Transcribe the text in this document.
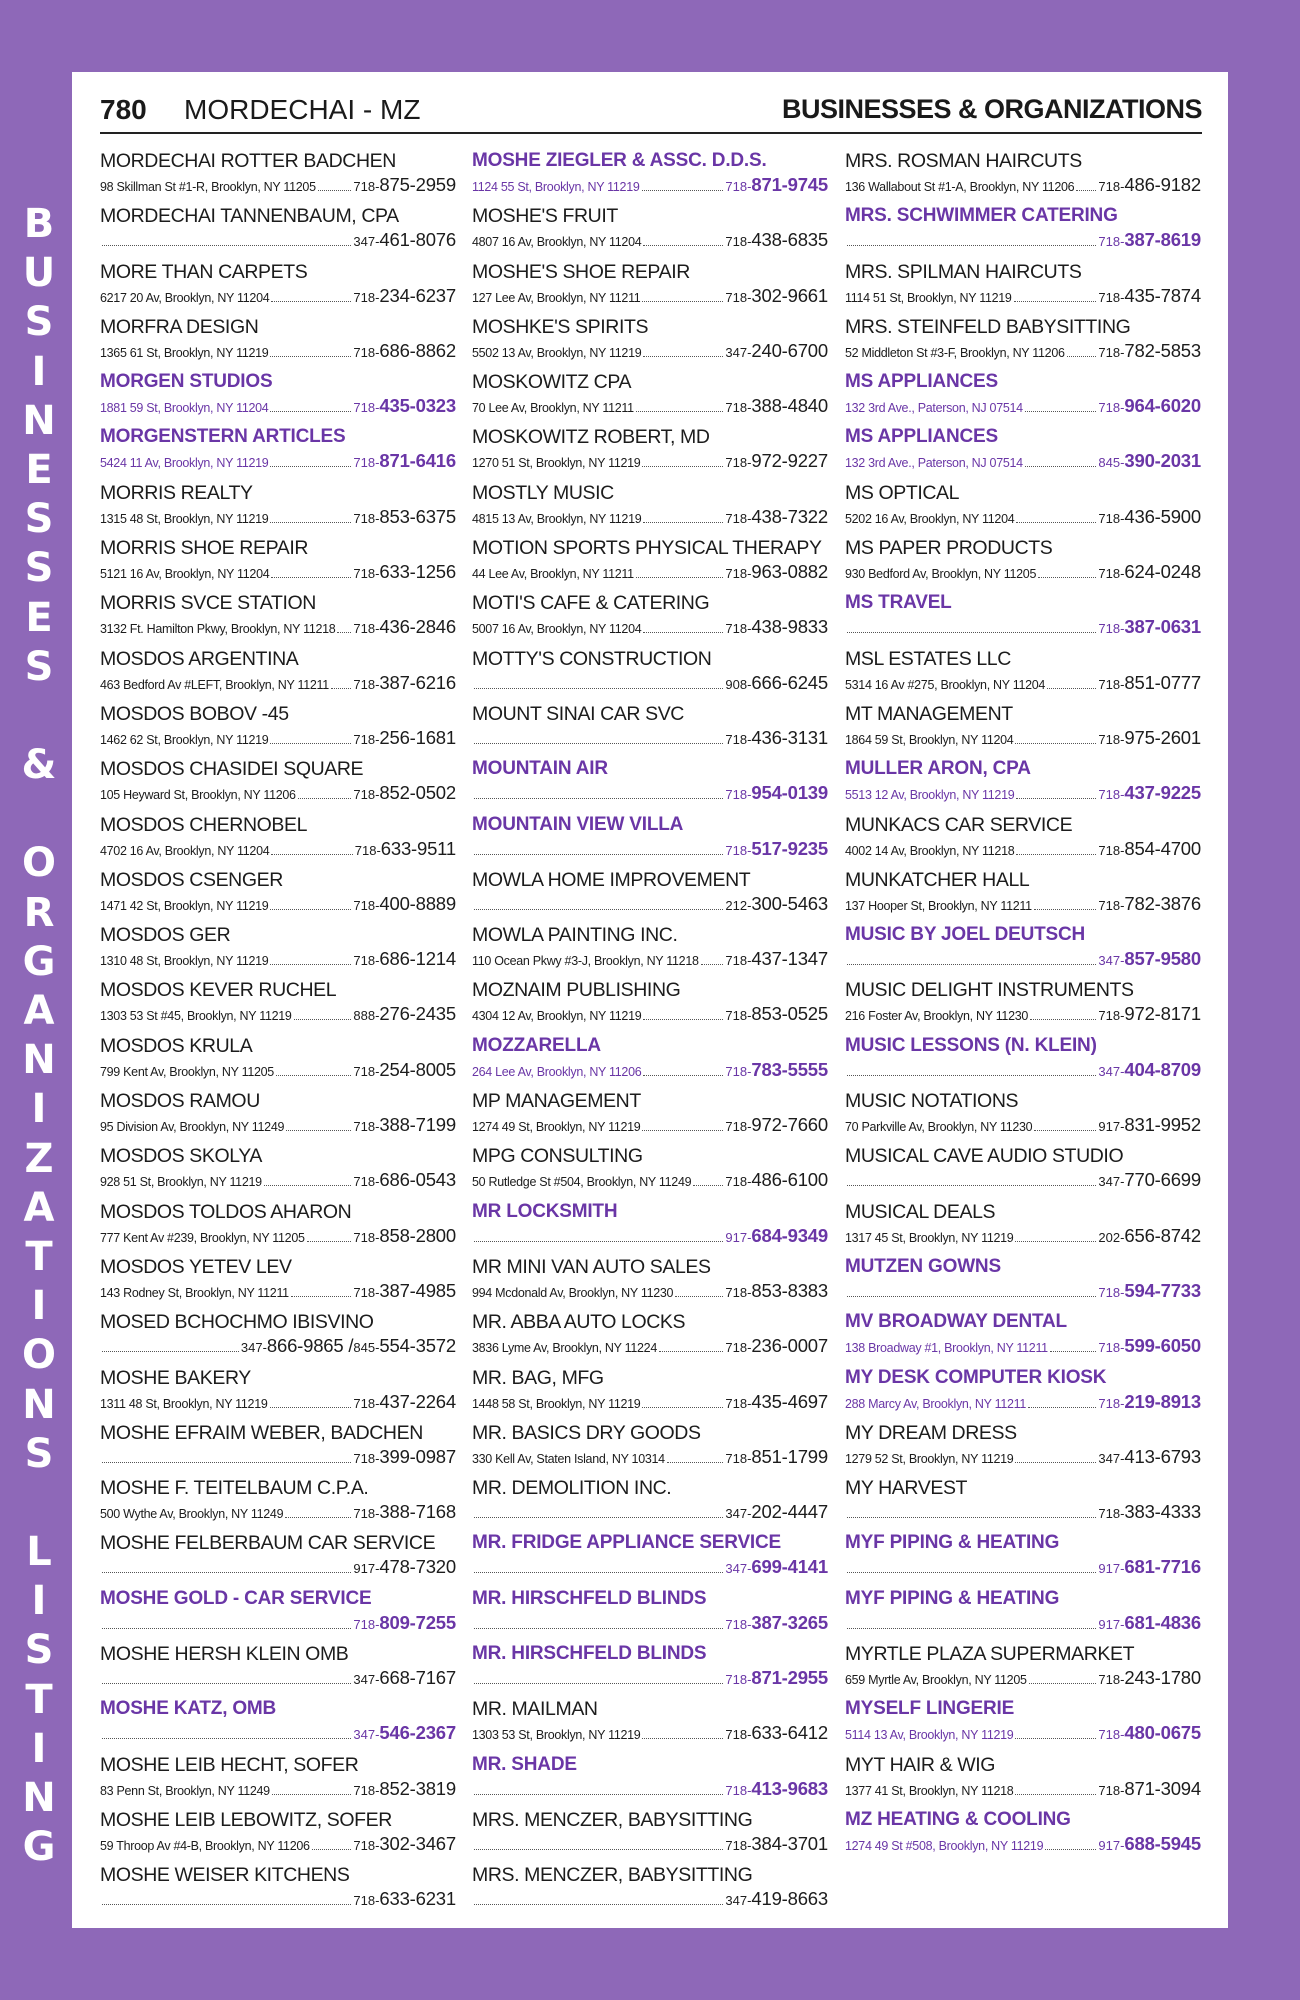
B
U
S
I
N
E
S
S
E
S
&
O
R
G
A
N
I
Z
A
T
I
O
N
S
L
I
S
T
I
N
G
780 MORDECHAI - MZ	BUSINESSES & ORGANIZATIONS
MORDECHAI ROTTER BADCHEN
98 Skillman St #1-R, Brooklyn, NY 11205	718-875-2959
MORDECHAI TANNENBAUM, CPA
347-461-8076
MORE THAN CARPETS
6217 20 Av, Brooklyn, NY 11204	718-234-6237
MORFRA DESIGN
1365 61 St, Brooklyn, NY 11219	718-686-8862
MORGEN STUDIOS
1881 59 St, Brooklyn, NY 11204	718-435-0323
MORGENSTERN ARTICLES
5424 11 Av, Brooklyn, NY 11219	718-871-6416
MORRIS REALTY
1315 48 St, Brooklyn, NY 11219	718-853-6375
MORRIS SHOE REPAIR
5121 16 Av, Brooklyn, NY 11204	718-633-1256
MORRIS SVCE STATION
3132 Ft. Hamilton Pkwy, Brooklyn, NY 11218 718-436-2846
MOSDOS ARGENTINA
463 Bedford Av #LEFT, Brooklyn, NY 11211 718-387-6216
MOSDOS BOBOV -45
1462 62 St, Brooklyn, NY 11219	718-256-1681
MOSDOS CHASIDEI SQUARE
105 Heyward St, Brooklyn, NY 11206	718-852-0502
MOSDOS CHERNOBEL
4702 16 Av, Brooklyn, NY 11204	718-633-9511
MOSDOS CSENGER
1471 42 St, Brooklyn, NY 11219	718-400-8889
MOSDOS GER
1310 48 St, Brooklyn, NY 11219	718-686-1214
MOSDOS KEVER RUCHEL
1303 53 St #45, Brooklyn, NY 11219	888-276-2435
MOSDOS KRULA
799 Kent Av, Brooklyn, NY 11205	718-254-8005
MOSDOS RAMOU
95 Division Av, Brooklyn, NY 11249	718-388-7199
MOSDOS SKOLYA
928 51 St, Brooklyn, NY 11219	718-686-0543
MOSDOS TOLDOS AHARON
777 Kent Av #239, Brooklyn, NY 11205	718-858-2800
MOSDOS YETEV LEV
143 Rodney St, Brooklyn, NY 11211	718-387-4985
MOSED BCHOCHMO IBISVINO
347-866-9865 / 845-554-3572
MOSHE BAKERY
1311 48 St, Brooklyn, NY 11219	718-437-2264
MOSHE EFRAIM WEBER, BADCHEN
718-399-0987
MOSHE F. TEITELBAUM C.P.A.
500 Wythe Av, Brooklyn, NY 11249	718-388-7168
MOSHE FELBERBAUM CAR SERVICE
917-478-7320
MOSHE GOLD - CAR SERVICE
718-809-7255
MOSHE HERSH KLEIN OMB
347-668-7167
MOSHE KATZ, OMB
347-546-2367
MOSHE LEIB HECHT, SOFER
83 Penn St, Brooklyn, NY 11249	718-852-3819
MOSHE LEIB LEBOWITZ, SOFER
59 Throop Av #4-B, Brooklyn, NY 11206	718-302-3467
MOSHE WEISER KITCHENS
718-633-6231
MOSHE ZIEGLER & ASSC. D.D.S.
1124 55 St, Brooklyn, NY 11219	718-871-9745
MOSHE'S FRUIT
4807 16 Av, Brooklyn, NY 11204	718-438-6835
MOSHE'S SHOE REPAIR
127 Lee Av, Brooklyn, NY 11211	718-302-9661
MOSHKE'S SPIRITS
5502 13 Av, Brooklyn, NY 11219	347-240-6700
MOSKOWITZ CPA
70 Lee Av, Brooklyn, NY 11211	718-388-4840
MOSKOWITZ ROBERT, MD
1270 51 St, Brooklyn, NY 11219	718-972-9227
MOSTLY MUSIC
4815 13 Av, Brooklyn, NY 11219	718-438-7322
MOTION SPORTS PHYSICAL THERAPY
44 Lee Av, Brooklyn, NY 11211	718-963-0882
MOTI'S CAFE & CATERING
5007 16 Av, Brooklyn, NY 11204	718-438-9833
MOTTY'S CONSTRUCTION
908-666-6245
MOUNT SINAI CAR SVC
718-436-3131
MOUNTAIN AIR
718-954-0139
MOUNTAIN VIEW VILLA
718-517-9235
MOWLA HOME IMPROVEMENT
212-300-5463
MOWLA PAINTING INC.
110 Ocean Pkwy #3-J, Brooklyn, NY 11218 718-437-1347
MOZNAIM PUBLISHING
4304 12 Av, Brooklyn, NY 11219	718-853-0525
MOZZARELLA
264 Lee Av, Brooklyn, NY 11206	718-783-5555
MP MANAGEMENT
1274 49 St, Brooklyn, NY 11219	718-972-7660
MPG CONSULTING
50 Rutledge St #504, Brooklyn, NY 11249	718-486-6100
MR LOCKSMITH
917-684-9349
MR MINI VAN AUTO SALES
994 Mcdonald Av, Brooklyn, NY 11230	718-853-8383
MR. ABBA AUTO LOCKS
3836 Lyme Av, Brooklyn, NY 11224	718-236-0007
MR. BAG, MFG
1448 58 St, Brooklyn, NY 11219	718-435-4697
MR. BASICS DRY GOODS
330 Kell Av, Staten Island, NY 10314	718-851-1799
MR. DEMOLITION INC.
347-202-4447
MR. FRIDGE APPLIANCE SERVICE
347-699-4141
MR. HIRSCHFELD BLINDS
718-387-3265
MR. HIRSCHFELD BLINDS
718-871-2955
MR. MAILMAN
1303 53 St, Brooklyn, NY 11219	718-633-6412
MR. SHADE
718-413-9683
MRS. MENCZER, BABYSITTING
718-384-3701
MRS. MENCZER, BABYSITTING
347-419-8663
MRS. ROSMAN HAIRCUTS
136 Wallabout St #1-A, Brooklyn, NY 11206 718-486-9182
MRS. SCHWIMMER CATERING
718-387-8619
MRS. SPILMAN HAIRCUTS
1114 51 St, Brooklyn, NY 11219	718-435-7874
MRS. STEINFELD BABYSITTING
52 Middleton St #3-F, Brooklyn, NY 11206	718-782-5853
MS APPLIANCES
132 3rd Ave., Paterson, NJ 07514	718-964-6020
MS APPLIANCES
132 3rd Ave., Paterson, NJ 07514	845-390-2031
MS OPTICAL
5202 16 Av, Brooklyn, NY 11204	718-436-5900
MS PAPER PRODUCTS
930 Bedford Av, Brooklyn, NY 11205	718-624-0248
MS TRAVEL
718-387-0631
MSL ESTATES LLC
5314 16 Av #275, Brooklyn, NY 11204	718-851-0777
MT MANAGEMENT
1864 59 St, Brooklyn, NY 11204	718-975-2601
MULLER ARON, CPA
5513 12 Av, Brooklyn, NY 11219	718-437-9225
MUNKACS CAR SERVICE
4002 14 Av, Brooklyn, NY 11218	718-854-4700
MUNKATCHER HALL
137 Hooper St, Brooklyn, NY 11211	718-782-3876
MUSIC BY JOEL DEUTSCH
347-857-9580
MUSIC DELIGHT INSTRUMENTS
216 Foster Av, Brooklyn, NY 11230	718-972-8171
MUSIC LESSONS (N. KLEIN)
347-404-8709
MUSIC NOTATIONS
70 Parkville Av, Brooklyn, NY 11230	917-831-9952
MUSICAL CAVE AUDIO STUDIO
347-770-6699
MUSICAL DEALS
1317 45 St, Brooklyn, NY 11219	202-656-8742
MUTZEN GOWNS
718-594-7733
MV BROADWAY DENTAL
138 Broadway #1, Brooklyn, NY 11211	718-599-6050
MY DESK COMPUTER KIOSK
288 Marcy Av, Brooklyn, NY 11211	718-219-8913
MY DREAM DRESS
1279 52 St, Brooklyn, NY 11219	347-413-6793
MY HARVEST
718-383-4333
MYF PIPING & HEATING
917-681-7716
MYF PIPING & HEATING
917-681-4836
MYRTLE PLAZA SUPERMARKET
659 Myrtle Av, Brooklyn, NY 11205	718-243-1780
MYSELF LINGERIE
5114 13 Av, Brooklyn, NY 11219	718-480-0675
MYT HAIR & WIG
1377 41 St, Brooklyn, NY 11218	718-871-3094
MZ HEATING & COOLING
1274 49 St #508, Brooklyn, NY 11219	917-688-5945
